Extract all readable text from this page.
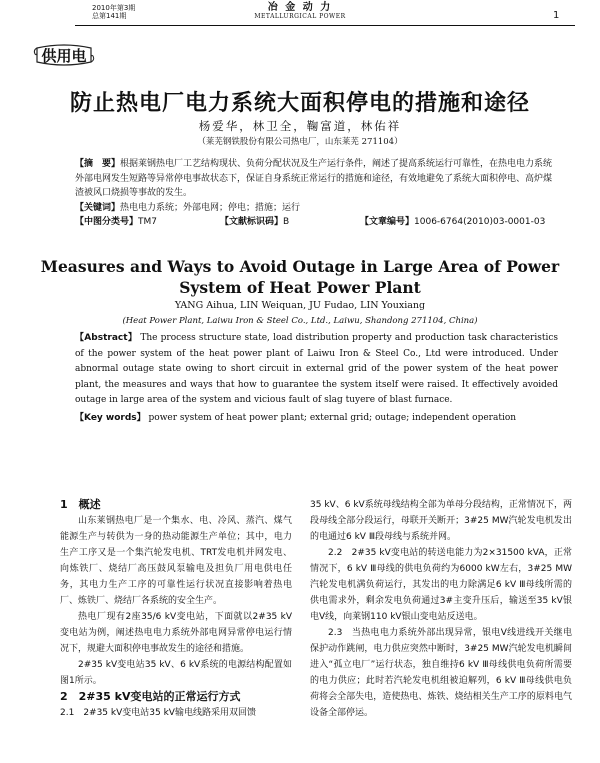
2010年第3期
总第141期
冶 金 动 力
METALLURGICAL POWER	1
供用电
防止热电厂电力系统大面积停电的措施和途径
杨爱华，林卫全，鞠富道，林佑祥
（莱芜钢铁股份有限公司热电厂，山东莱芜 271104）

【摘　要】根据莱钢热电厂工艺结构现状、负荷分配状况及生产运行条件，阐述了提高系统运行可靠性，在热电电力系统外部电网发生短路等异常停电事故状态下，保证自身系统正常运行的措施和途径，有效地避免了系统大面积停电、高炉煤渣被风口烧损等事故的发生。

【关键词】热电电力系统；外部电网；停电；措施；运行

【中图分类号】TM7	【文献标识码】B	【文章编号】1006-6764(2010)03-0001-03

Measures and Ways to Avoid Outage in Large Area of Power System of Heat Power Plant
YANG Aihua, LIN Weiquan, JU Fudao, LIN Youxiang
(Heat Power Plant, Laiwu Iron & Steel Co., Ltd., Laiwu, Shandong 271104, China)

【Abstract】 The process structure state, load distribution property and production task characteristics of the power system of the heat power plant of Laiwu Iron & Steel Co., Ltd were introduced. Under abnormal outage state owing to short circuit in external grid of the power system of the heat power plant, the measures and ways that how to guarantee the system itself were raised. It effectively avoided outage in large area of the system and vicious fault of slag tuyere of blast furnace.

【Key words】 power system of heat power plant; external grid; outage; independent operation

1　概述

山东莱钢热电厂是一个集水、电、冷风、蒸汽、煤气能源生产与转供为一身的热动能源生产单位；其中，电力生产工序又是一个集汽轮发电机、TRT发电机并网发电、向炼铁厂、烧结厂高压鼓风泵输电及担负厂用电供电任务，其电力生产工序的可靠性运行状况直接影响着热电厂、炼铁厂、烧结厂各系统的安全生产。

热电厂现有2座35/6 kV变电站，下面就以2#35 kV变电站为例，阐述热电电力系统外部电网异常停电运行情况下，规避大面积停电事故发生的途径和措施。

2#35 kV变电站35 kV、6 kV系统的电源结构配置如图1所示。

2　2#35 kV变电站的正常运行方式

2.1　2#35 kV变电站35 kV输电线路采用双回馈

35 kV、6 kV系统母线结构全部为单母分段结构，正常情况下，两段母线全部分段运行，母联开关断开；3#25 MW汽轮发电机发出的电通过6 kV Ⅲ段母线与系统并网。

2.2　2#35 kV变电站的转送电能力为2×31500 kVA，正常情况下，6 kV Ⅲ母线的供电负荷约为6000 kW左右，3#25 MW汽轮发电机满负荷运行，其发出的电力除满足6 kV Ⅲ母线所需的供电需求外，剩余发电负荷通过3#主变升压后，输送至35 kV银电Ⅴ线，向莱钢110 kV银山变电站反送电。

2.3　当热电电力系统外部出现异常，银电Ⅴ线进线开关继电保护动作跳闸，电力供应突然中断时，3#25 MW汽轮发电机瞬间进入“孤立电厂”运行状态，独自维持6 kV Ⅲ母线供电负荷所需要的电力供应；此时若汽轮发电机组被迫解列，6 kV Ⅲ母线供电负荷将会全部失电，造使热电、炼铁、烧结相关生产工序的原料电气设备全部停运。
